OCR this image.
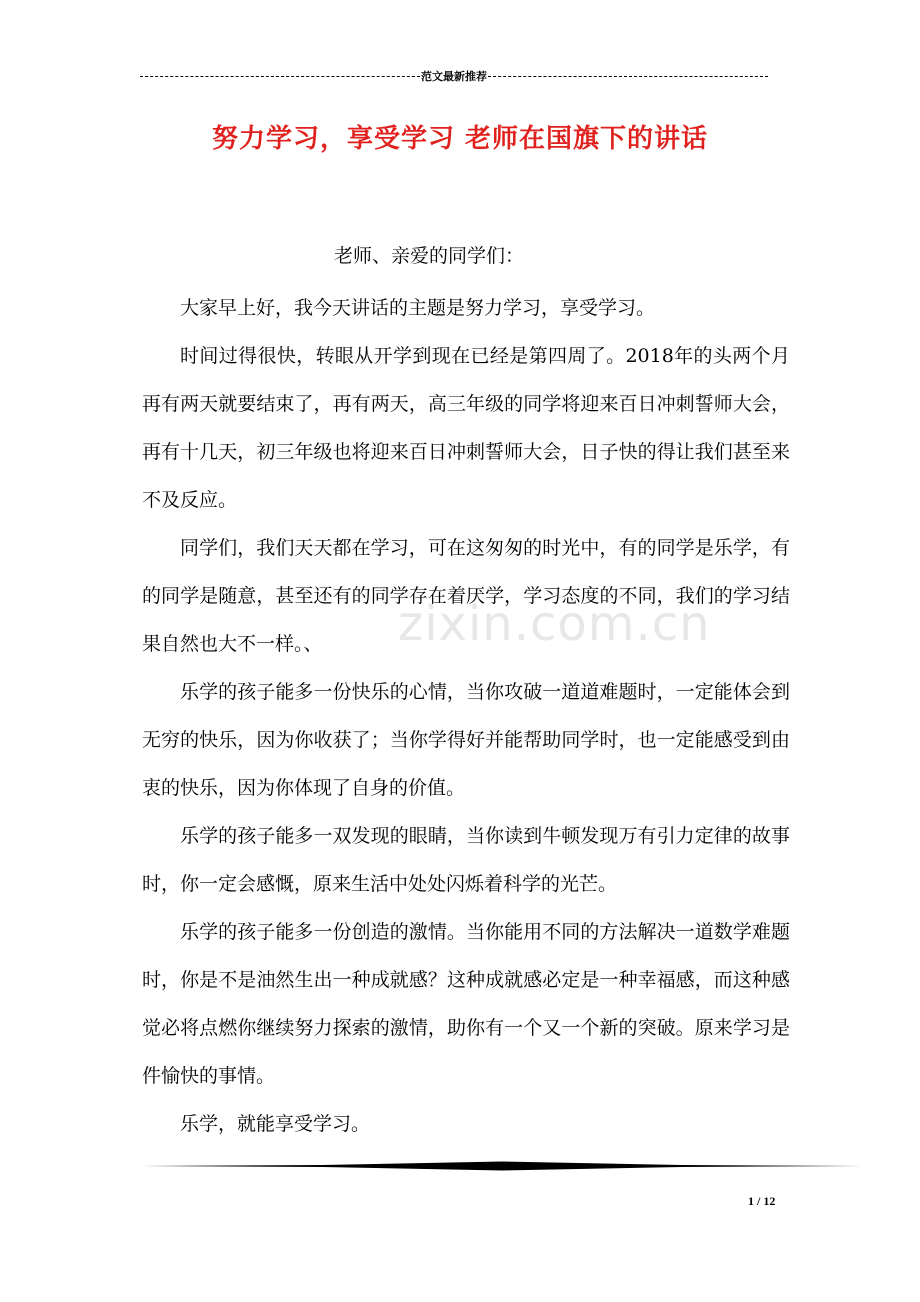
范文最新推荐
努力学习，享受学习 老师在国旗下的讲话
老师、亲爱的同学们：

大家早上好，我今天讲话的主题是努力学习，享受学习。

时间过得很快，转眼从开学到现在已经是第四周了。2018年的头两个月再有两天就要结束了，再有两天，高三年级的同学将迎来百日冲刺誓师大会，再有十几天，初三年级也将迎来百日冲刺誓师大会，日子快的得让我们甚至来不及反应。

同学们，我们天天都在学习，可在这匆匆的时光中，有的同学是乐学，有的同学是随意，甚至还有的同学存在着厌学，学习态度的不同，我们的学习结果自然也大不一样。、

乐学的孩子能多一份快乐的心情，当你攻破一道道难题时，一定能体会到无穷的快乐，因为你收获了；当你学得好并能帮助同学时，也一定能感受到由衷的快乐，因为你体现了自身的价值。

乐学的孩子能多一双发现的眼睛，当你读到牛顿发现万有引力定律的故事时，你一定会感慨，原来生活中处处闪烁着科学的光芒。

乐学的孩子能多一份创造的激情。当你能用不同的方法解决一道数学难题时，你是不是油然生出一种成就感？这种成就感必定是一种幸福感，而这种感觉必将点燃你继续努力探索的激情，助你有一个又一个新的突破。原来学习是件愉快的事情。

乐学，就能享受学习。

zixin.com.cn
1 / 12
